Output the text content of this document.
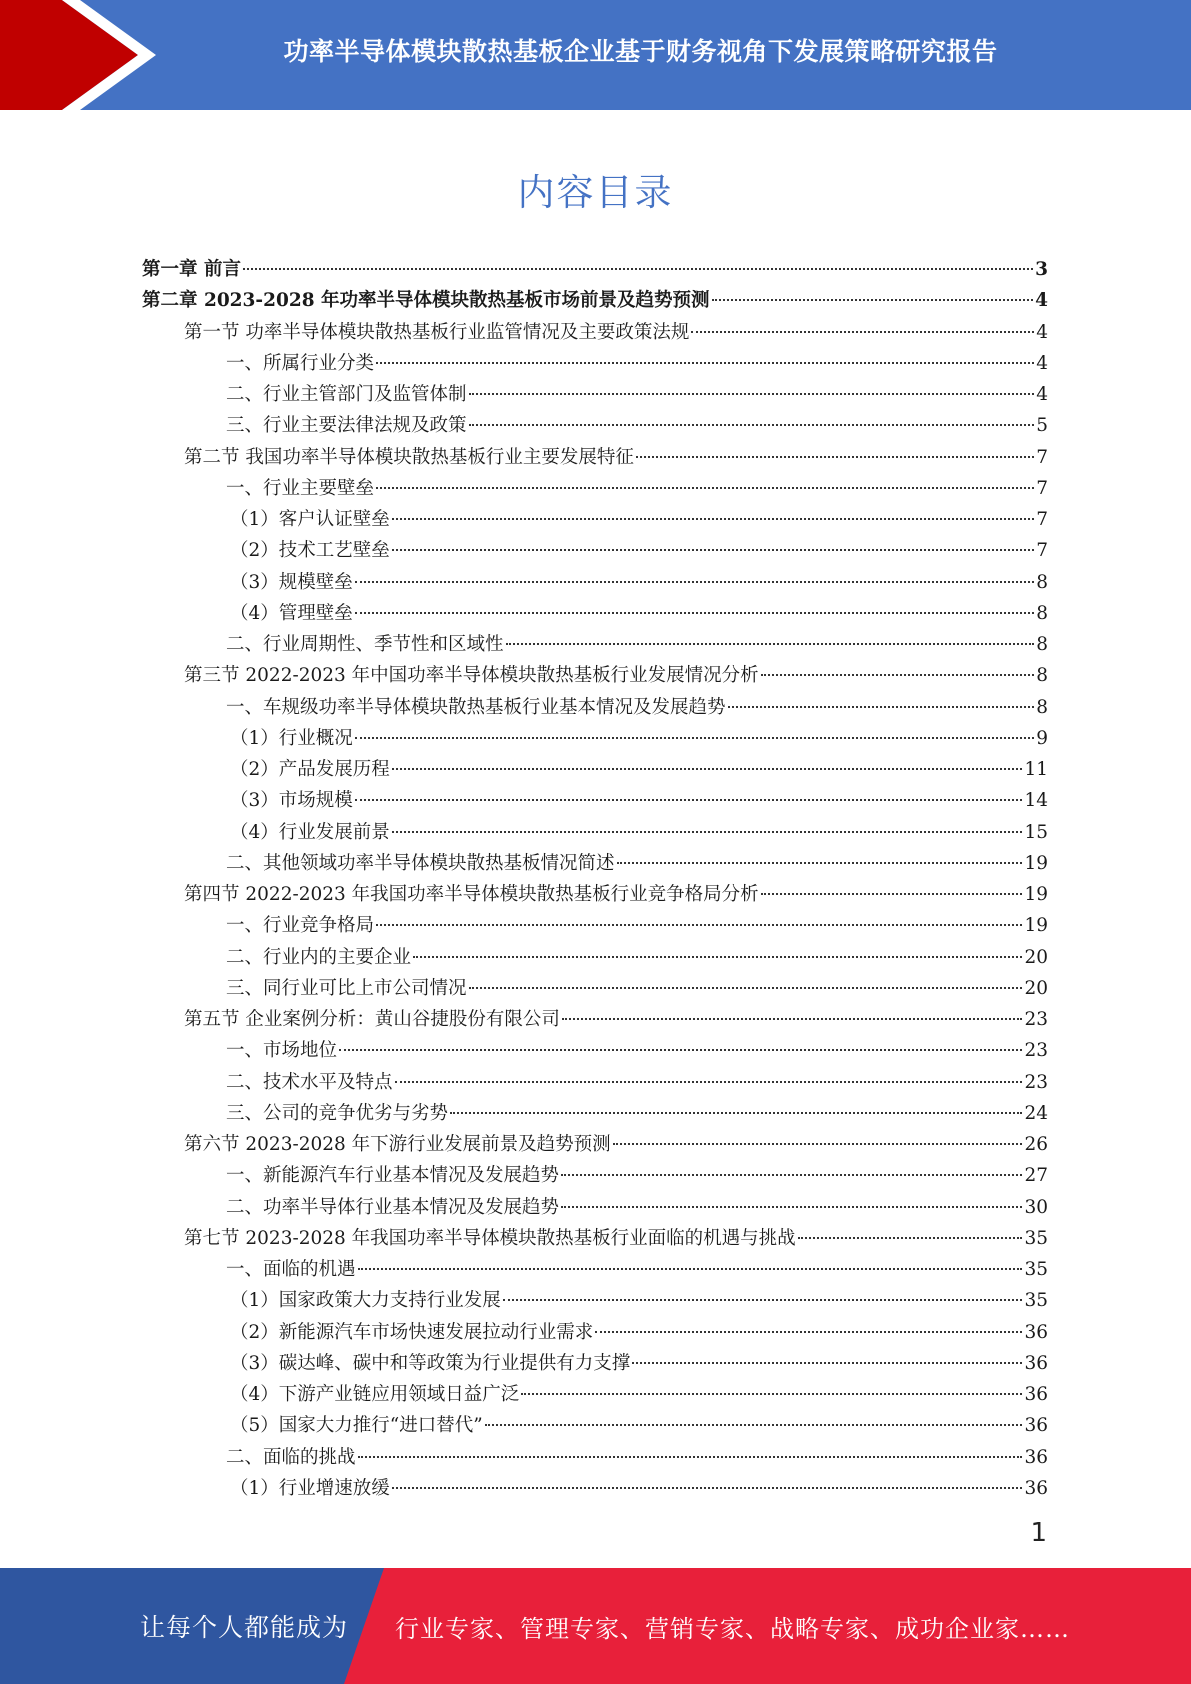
功率半导体模块散热基板企业基于财务视角下发展策略研究报告
内容目录
第一章 前言	3
第二章 2023-2028 年功率半导体模块散热基板市场前景及趋势预测	4
第一节 功率半导体模块散热基板行业监管情况及主要政策法规	4
一、所属行业分类	4
二、行业主管部门及监管体制	4
三、行业主要法律法规及政策	5
第二节 我国功率半导体模块散热基板行业主要发展特征	7
一、行业主要壁垒	7
（1）客户认证壁垒	7
（2）技术工艺壁垒	7
（3）规模壁垒	8
（4）管理壁垒	8
二、行业周期性、季节性和区域性	8
第三节 2022-2023 年中国功率半导体模块散热基板行业发展情况分析	8
一、车规级功率半导体模块散热基板行业基本情况及发展趋势	8
（1）行业概况	9
（2）产品发展历程	11
（3）市场规模	14
（4）行业发展前景	15
二、其他领域功率半导体模块散热基板情况简述	19
第四节 2022-2023 年我国功率半导体模块散热基板行业竞争格局分析	19
一、行业竞争格局	19
二、行业内的主要企业	20
三、同行业可比上市公司情况	20
第五节 企业案例分析：黄山谷捷股份有限公司	23
一、市场地位	23
二、技术水平及特点	23
三、公司的竞争优劣与劣势	24
第六节 2023-2028 年下游行业发展前景及趋势预测	26
一、新能源汽车行业基本情况及发展趋势	27
二、功率半导体行业基本情况及发展趋势	30
第七节 2023-2028 年我国功率半导体模块散热基板行业面临的机遇与挑战	35
一、面临的机遇	35
（1）国家政策大力支持行业发展	35
（2）新能源汽车市场快速发展拉动行业需求	36
（3）碳达峰、碳中和等政策为行业提供有力支撑	36
（4）下游产业链应用领域日益广泛	36
（5）国家大力推行“进口替代”	36
二、面临的挑战	36
（1）行业增速放缓	36
1
让每个人都能成为 行业专家、管理专家、营销专家、战略专家、成功企业家……
